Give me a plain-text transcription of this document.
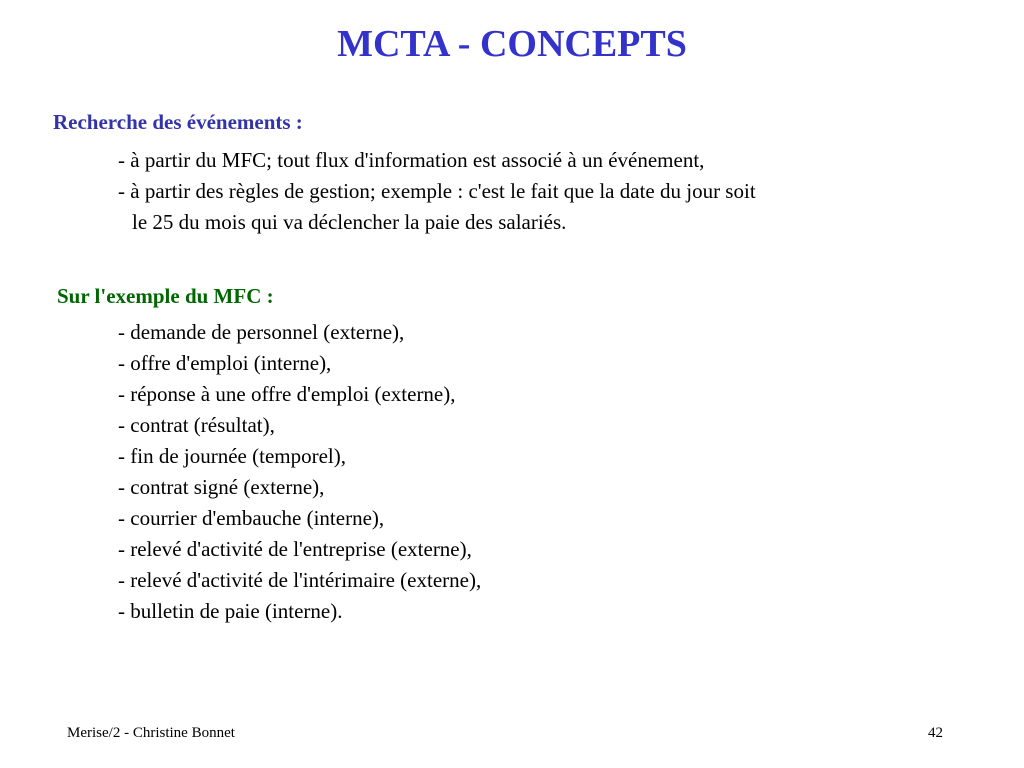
MCTA - CONCEPTS
Recherche des événements :
- à partir du MFC; tout flux d'information est associé à un événement,
- à partir des règles de gestion; exemple : c'est le fait que la date du jour soit
le 25 du mois qui va déclencher la paie des salariés.
Sur l'exemple du MFC :
- demande de personnel (externe),
- offre d'emploi (interne),
- réponse à une offre d'emploi (externe),
- contrat (résultat),
- fin de journée (temporel),
- contrat signé (externe),
- courrier d'embauche (interne),
- relevé d'activité de l'entreprise (externe),
- relevé d'activité de l'intérimaire (externe),
- bulletin de paie (interne).
Merise/2 - Christine Bonnet	42
